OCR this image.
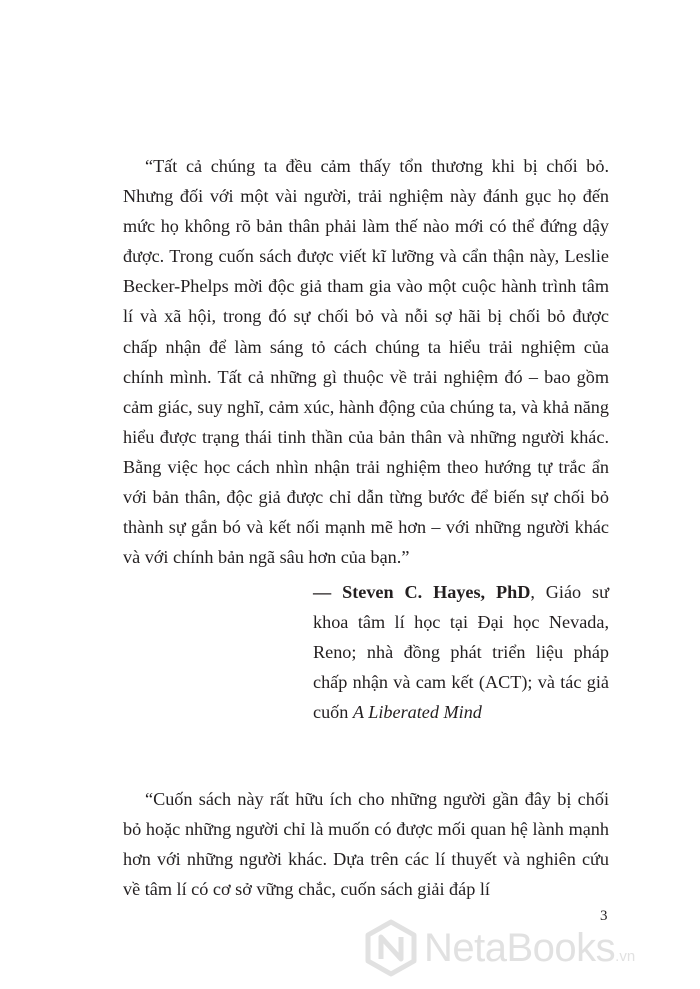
“Tất cả chúng ta đều cảm thấy tổn thương khi bị chối bỏ. Nhưng đối với một vài người, trải nghiệm này đánh gục họ đến mức họ không rõ bản thân phải làm thế nào mới có thể đứng dậy được. Trong cuốn sách được viết kĩ lưỡng và cẩn thận này, Leslie Becker-Phelps mời độc giả tham gia vào một cuộc hành trình tâm lí và xã hội, trong đó sự chối bỏ và nỗi sợ hãi bị chối bỏ được chấp nhận để làm sáng tỏ cách chúng ta hiểu trải nghiệm của chính mình. Tất cả những gì thuộc về trải nghiệm đó – bao gồm cảm giác, suy nghĩ, cảm xúc, hành động của chúng ta, và khả năng hiểu được trạng thái tinh thần của bản thân và những người khác. Bằng việc học cách nhìn nhận trải nghiệm theo hướng tự trắc ẩn với bản thân, độc giả được chỉ dẫn từng bước để biến sự chối bỏ thành sự gắn bó và kết nối mạnh mẽ hơn – với những người khác và với chính bản ngã sâu hơn của bạn.”

— Steven C. Hayes, PhD, Giáo sư khoa tâm lí học tại Đại học Nevada, Reno; nhà đồng phát triển liệu pháp chấp nhận và cam kết (ACT); và tác giả cuốn A Liberated Mind

“Cuốn sách này rất hữu ích cho những người gần đây bị chối bỏ hoặc những người chỉ là muốn có được mối quan hệ lành mạnh hơn với những người khác. Dựa trên các lí thuyết và nghiên cứu về tâm lí có cơ sở vững chắc, cuốn sách giải đáp lí

3
NetaBooks.vn
